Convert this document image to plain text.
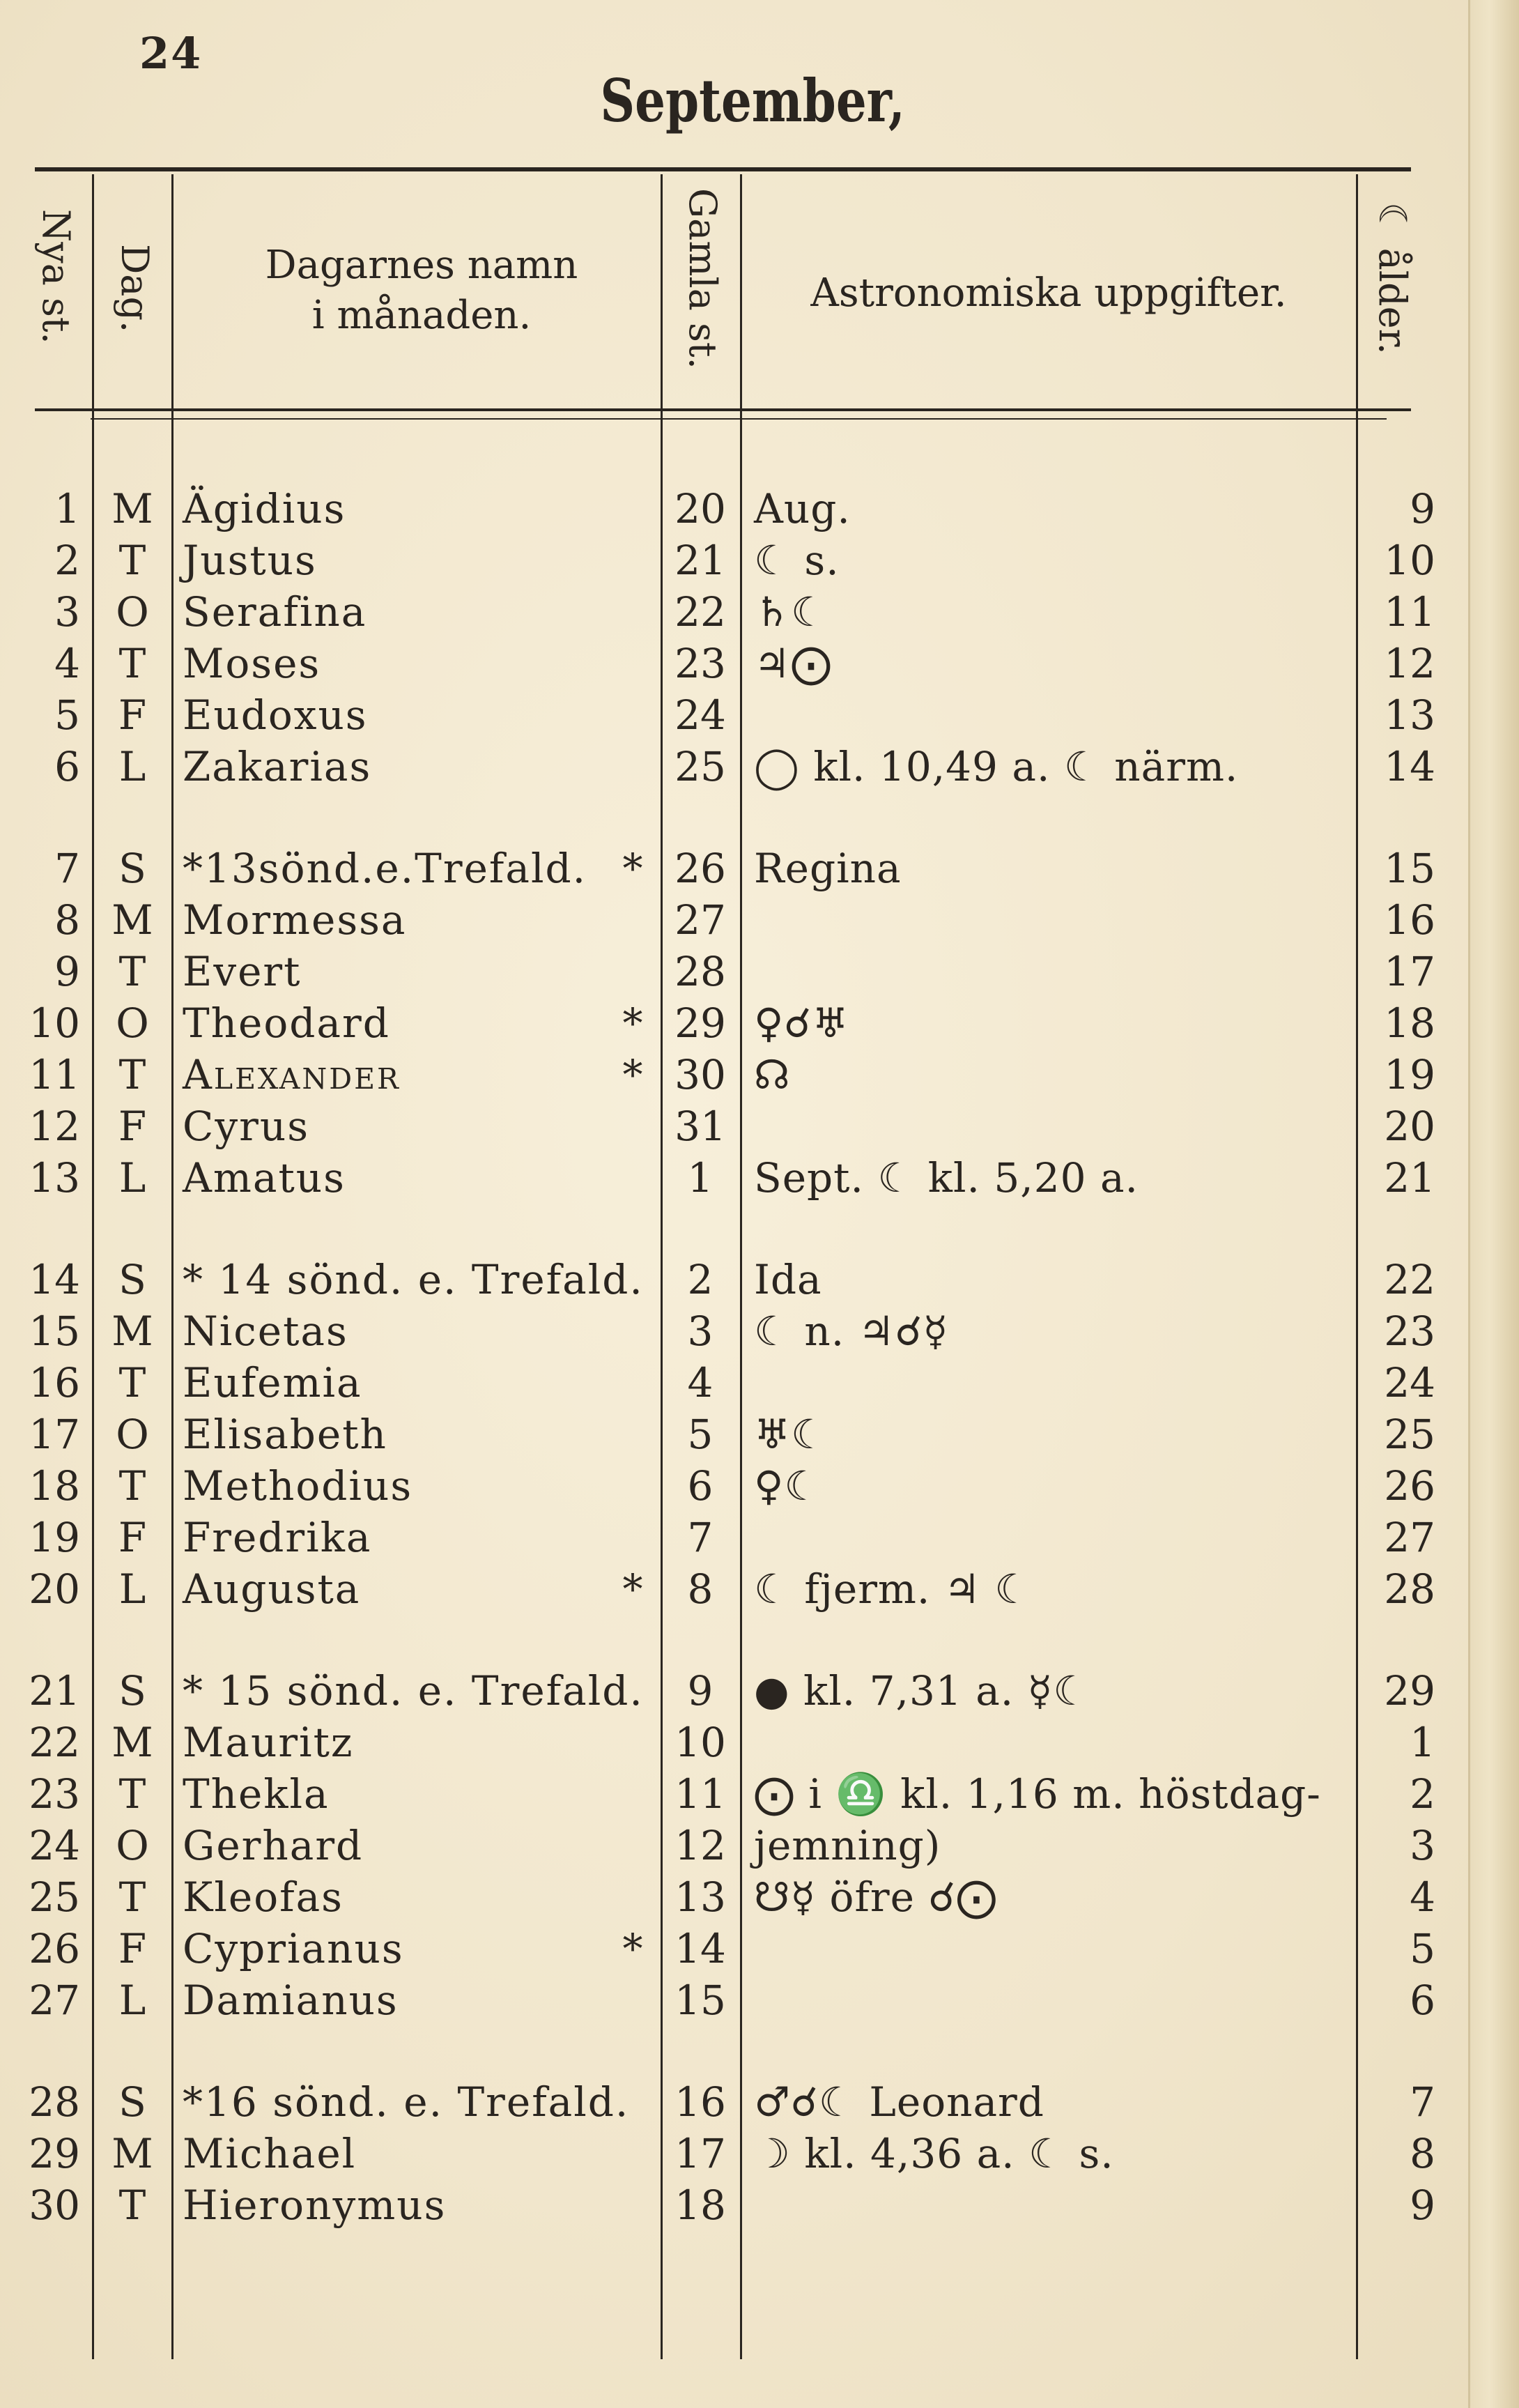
24
September,
Nya st. Dag.	Dagarnes namn
i månaden.	Gamla st.	Astronomiska uppgifter.	☾ ålder.
1 M Ägidius	20 Aug.	9
2 T Justus	21 ☾ s.	10
3 O Serafina	22 ♄☾	11
4 T Moses	23 ♃⨀	12
5 F Eudoxus	24	13
6 L Zakarias	25 ◯ kl. 10,49 a. ☾ närm.	14
7 S *13sönd.e.Trefald. * 26 Regina	15
8 M Mormessa	27	16
9 T Evert	28	17
10 O Theodard	* 29 ♀☌♅	18
11 T Alexander	* 30 ☊	19
12 F Cyrus	31	20
13 L Amatus	1	Sept. ☾ kl. 5,20 a.	21
14 S * 14 sönd. e. Trefald.	2	Ida	22
15 M Nicetas	3	☾ n. ♃☌☿	23
16 T Eufemia	4	24
17 O Elisabeth	5	♅☾	25
18 T Methodius	6	♀☾	26
19 F Fredrika	7	27
20 L Augusta	*	8	☾ fjerm. ♃ ☾	28
21 S * 15 sönd. e. Trefald.	9	● kl. 7,31 a. ☿☾	29
22 M Mauritz	10	1
23 T Thekla	11 ⨀ i ♎ kl. 1,16 m. höstdag-	2
24 O Gerhard	12 jemning)	3
25 T Kleofas	13 ☋☿ öfre ☌⨀	4
26 F Cyprianus	* 14	5
27 L Damianus	15	6
28 S *16 sönd. e. Trefald.	16 ♂☌☾ Leonard	7
29 M Michael	17 ☽ kl. 4,36 a. ☾ s.	8
30 T Hieronymus	18	9
